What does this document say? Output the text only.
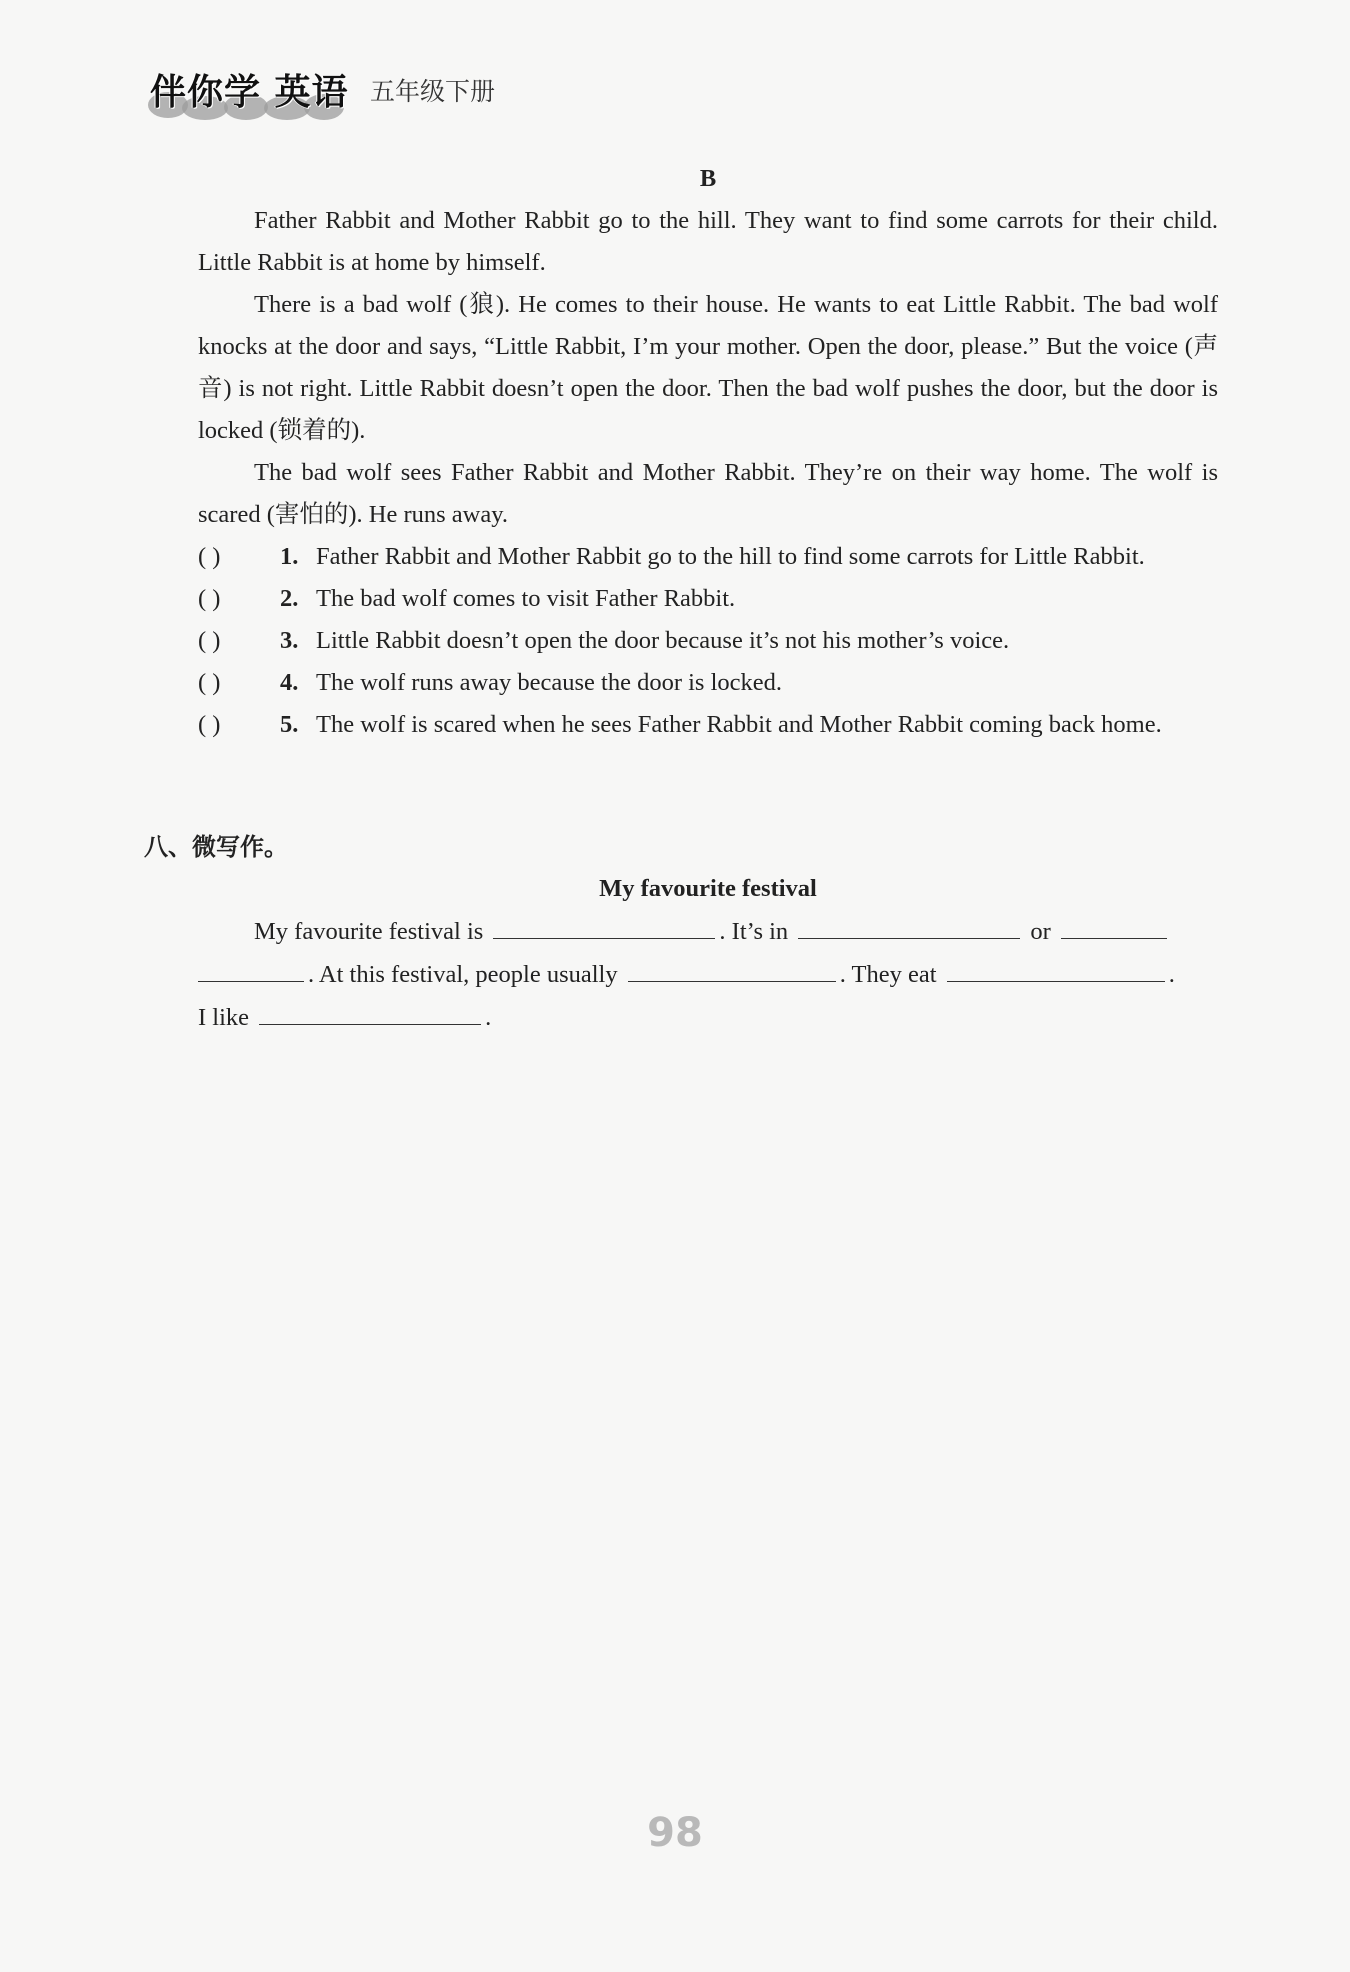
伴你学 英语 五年级下册

B

Father Rabbit and Mother Rabbit go to the hill. They want to find some carrots for their child. Little Rabbit is at home by himself.

There is a bad wolf (狼). He comes to their house. He wants to eat Little Rabbit. The bad wolf knocks at the door and says, “Little Rabbit, I’m your mother. Open the door, please.” But the voice (声音) is not right. Little Rabbit doesn’t open the door. Then the bad wolf pushes the door, but the door is locked (锁着的).

The bad wolf sees Father Rabbit and Mother Rabbit. They’re on their way home. The wolf is scared (害怕的). He runs away.

( )	1. Father Rabbit and Mother Rabbit go to the hill to find some carrots for Little Rabbit.
( )	2. The bad wolf comes to visit Father Rabbit.
( )	3. Little Rabbit doesn’t open the door because it’s not his mother’s voice.
( )	4. The wolf runs away because the door is locked.
( )	5. The wolf is scared when he sees Father Rabbit and Mother Rabbit coming back home.
八、微写作。
My favourite festival

My favourite festival is	. It’s in	or

. At this festival, people usually	. They eat	.

I like	.

98
